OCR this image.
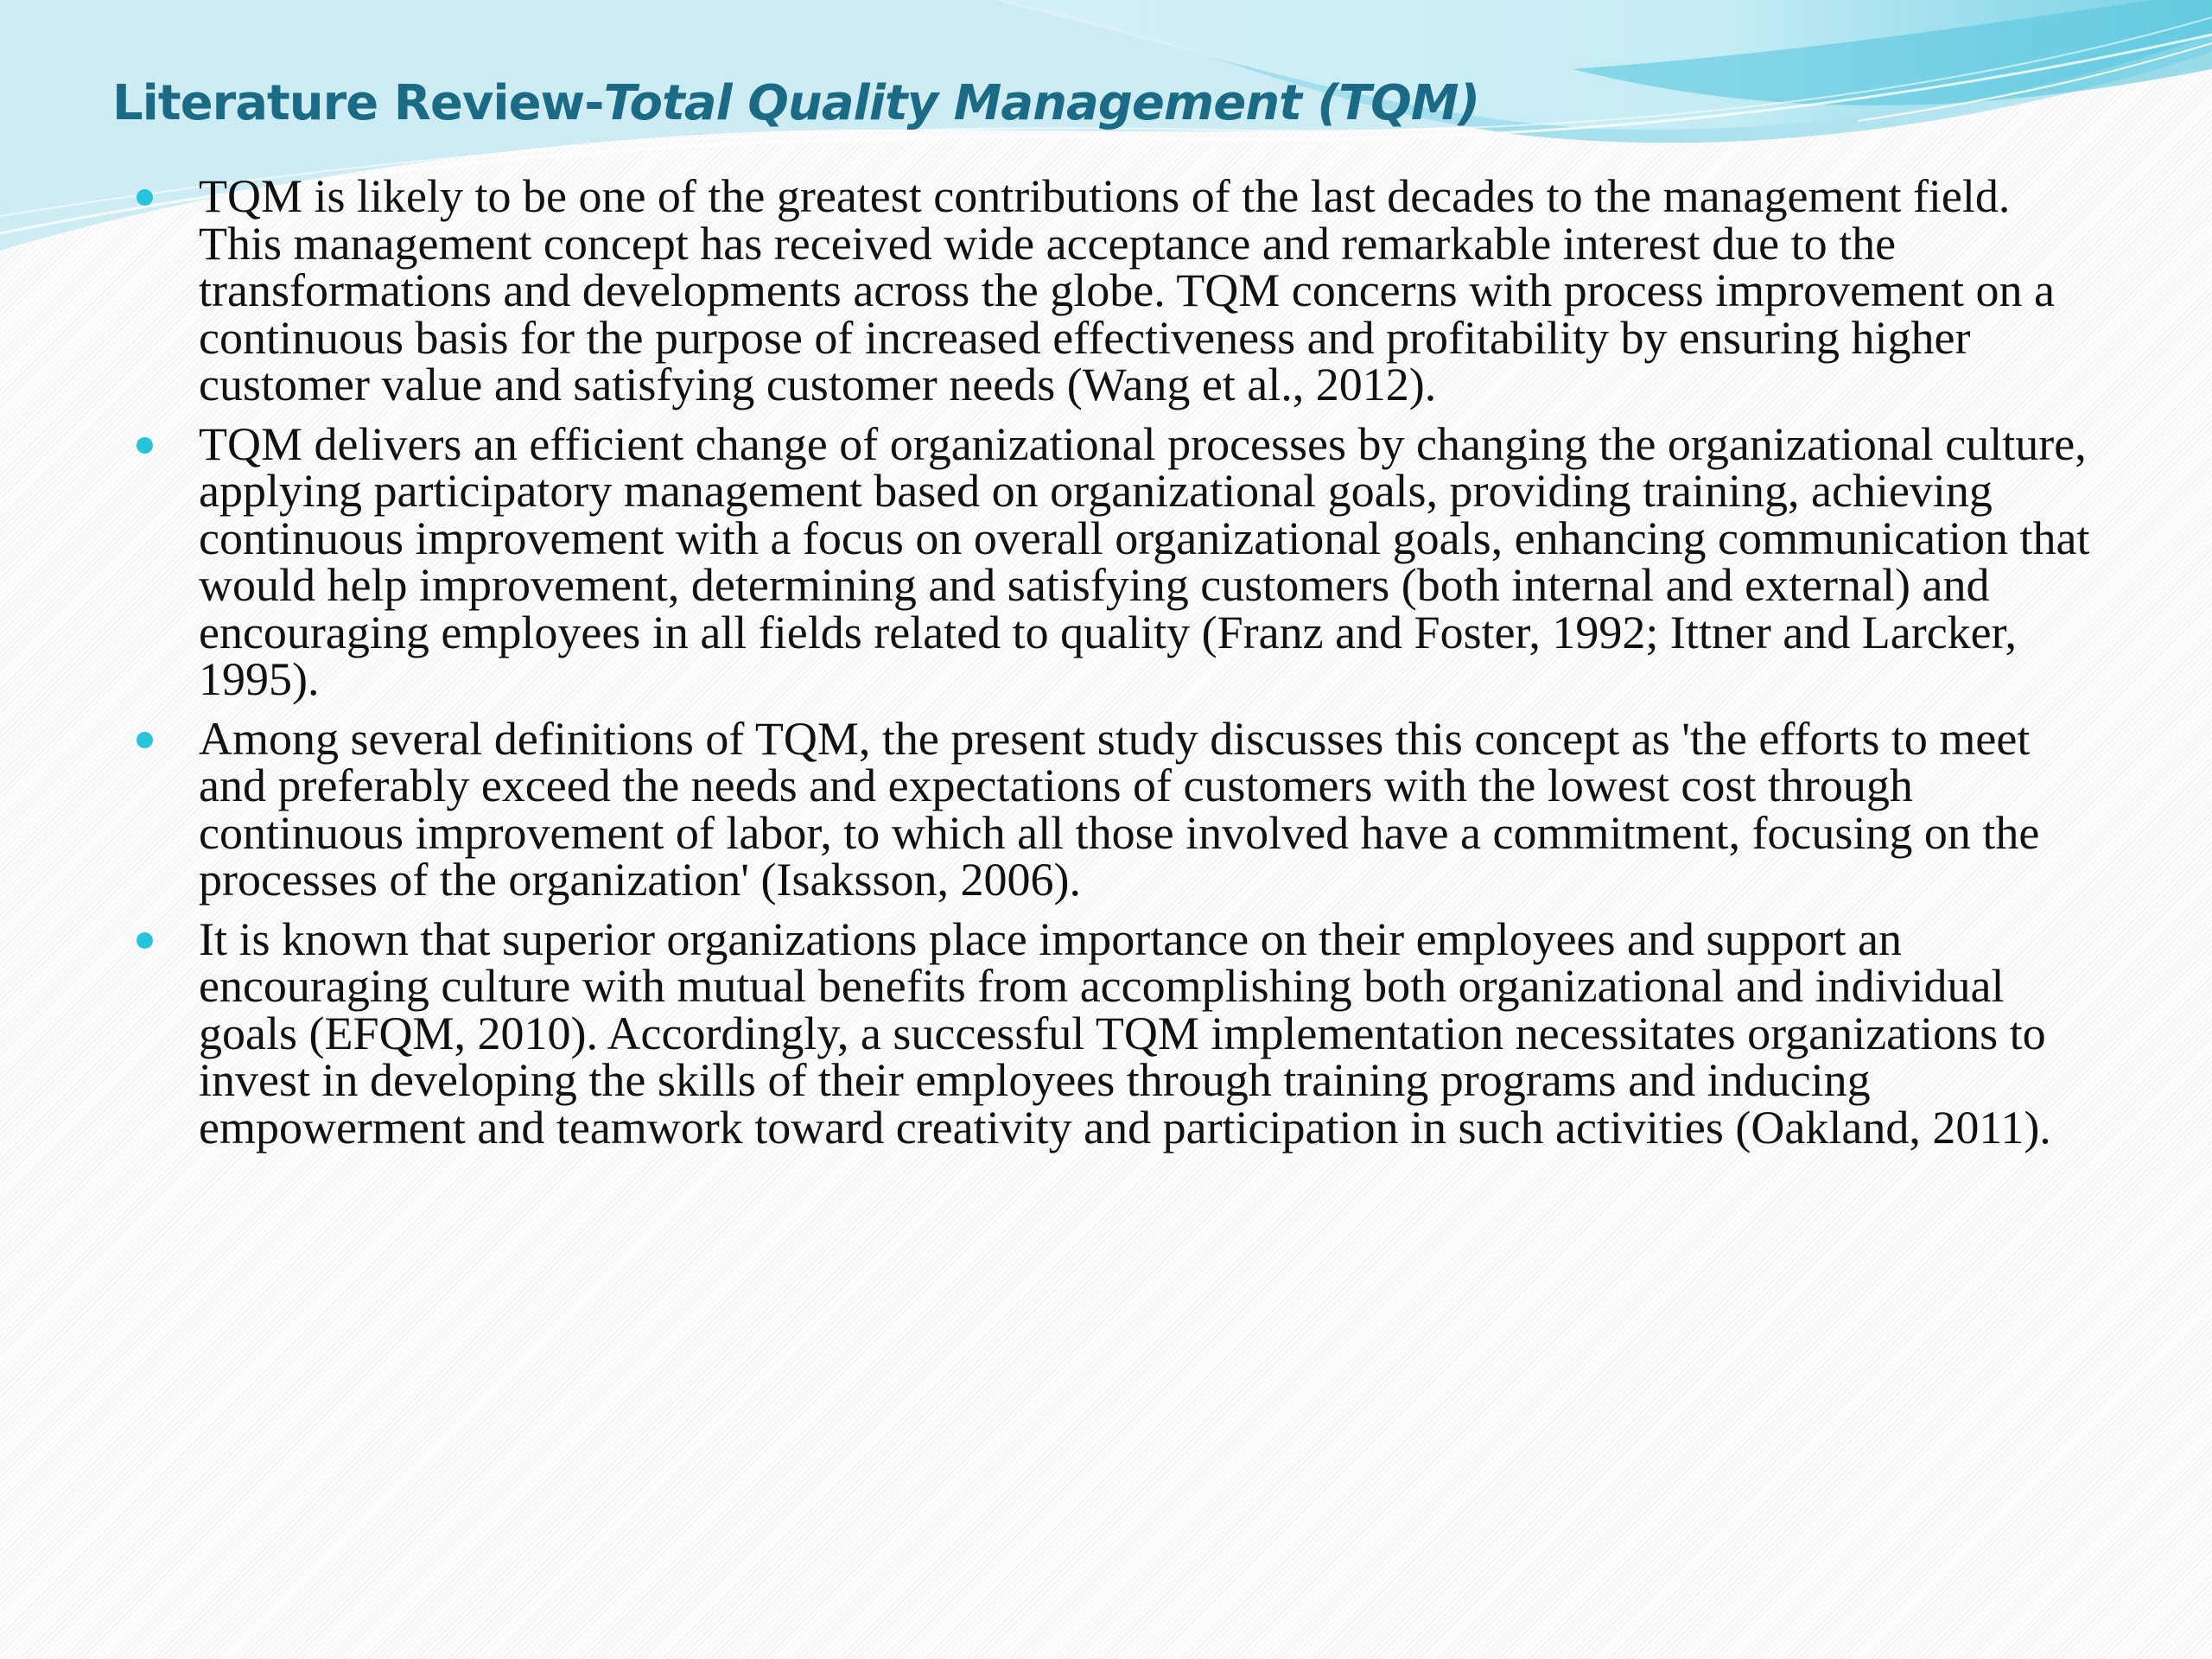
Literature Review-Total Quality Management (TQM)
TQM is likely to be one of the greatest contributions of the last decades to the management field. This management concept has received wide acceptance and remarkable interest due to the transformations and developments across the globe. TQM concerns with process improvement on a continuous basis for the purpose of increased effectiveness and profitability by ensuring higher customer value and satisfying customer needs (Wang et al., 2012).
TQM delivers an efficient change of organizational processes by changing the organizational culture, applying participatory management based on organizational goals, providing training, achieving continuous improvement with a focus on overall organizational goals, enhancing communication that would help improvement, determining and satisfying customers (both internal and external) and encouraging employees in all fields related to quality (Franz and Foster, 1992; Ittner and Larcker, 1995).
Among several definitions of TQM, the present study discusses this concept as 'the efforts to meet and preferably exceed the needs and expectations of customers with the lowest cost through continuous improvement of labor, to which all those involved have a commitment, focusing on the processes of the organization' (Isaksson, 2006).
It is known that superior organizations place importance on their employees and support an encouraging culture with mutual benefits from accomplishing both organizational and individual goals (EFQM, 2010). Accordingly, a successful TQM implementation necessitates organizations to invest in developing the skills of their employees through training programs and inducing empowerment and teamwork toward creativity and participation in such activities (Oakland, 2011).
